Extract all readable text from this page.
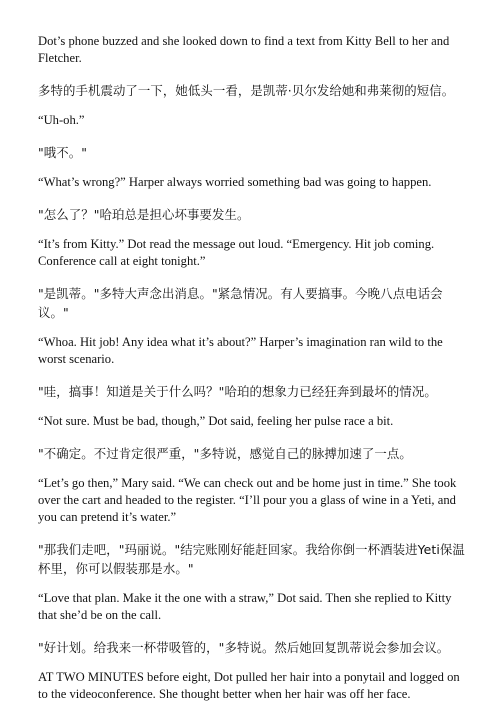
Dot’s phone buzzed and she looked down to find a text from Kitty Bell to her and Fletcher.

多特的手机震动了一下，她低头一看，是凯蒂·贝尔发给她和弗莱彻的短信。

“Uh-oh.”

"哦不。"

“What’s wrong?” Harper always worried something bad was going to happen.

"怎么了？"哈珀总是担心坏事要发生。

“It’s from Kitty.” Dot read the message out loud. “Emergency. Hit job coming. Conference call at eight tonight.”

"是凯蒂。"多特大声念出消息。"紧急情况。有人要搞事。今晚八点电话会议。"

“Whoa. Hit job! Any idea what it’s about?” Harper’s imagination ran wild to the worst scenario.

"哇，搞事！知道是关于什么吗？"哈珀的想象力已经狂奔到最坏的情况。

“Not sure. Must be bad, though,” Dot said, feeling her pulse race a bit.

"不确定。不过肯定很严重，"多特说，感觉自己的脉搏加速了一点。

“Let’s go then,” Mary said. “We can check out and be home just in time.” She took over the cart and headed to the register. “I’ll pour you a glass of wine in a Yeti, and you can pretend it’s water.”

"那我们走吧，"玛丽说。"结完账刚好能赶回家。我给你倒一杯酒装进Yeti保温杯里，你可以假装那是水。"

“Love that plan. Make it the one with a straw,” Dot said. Then she replied to Kitty that she’d be on the call.

"好计划。给我来一杯带吸管的，"多特说。然后她回复凯蒂说会参加会议。

AT TWO MINUTES before eight, Dot pulled her hair into a ponytail and logged on to the videoconference. She thought better when her hair was off her face.
